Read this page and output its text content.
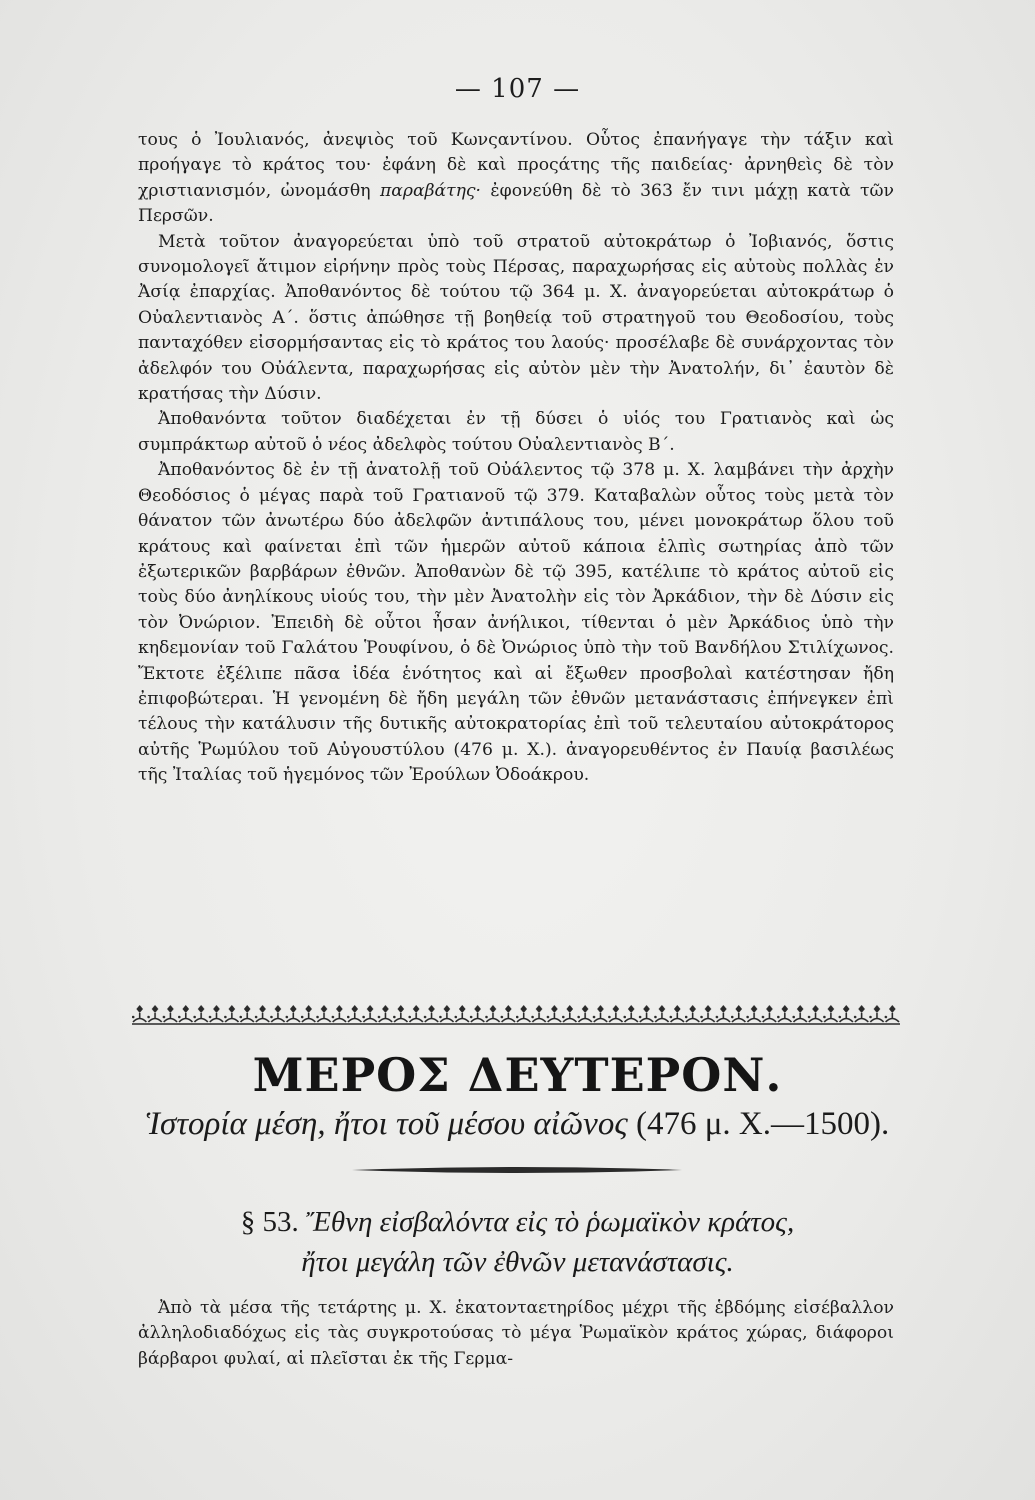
— 107 —

τους ὁ Ἰουλιανός, ἀνεψιὸς τοῦ Κωνςαντίνου. Οὗτος ἐπανήγαγε τὴν τάξιν καὶ προήγαγε τὸ κράτος του· ἐφάνη δὲ καὶ προςάτης τῆς παιδείας· ἀρνηθεὶς δὲ τὸν χριστιανισμόν, ὠνομάσθη παραβάτης· ἐφονεύθη δὲ τὸ 363 ἔν τινι μάχῃ κατὰ τῶν Περσῶν.

Μετὰ τοῦτον ἀναγορεύεται ὑπὸ τοῦ στρατοῦ αὐτοκράτωρ ὁ Ἰοβιανός, ὅστις συνομολογεῖ ἄτιμον εἰρήνην πρὸς τοὺς Πέρσας, παραχωρήσας εἰς αὐτοὺς πολλὰς ἐν Ἀσίᾳ ἐπαρχίας. Ἀποθανόντος δὲ τούτου τῷ 364 μ. Χ. ἀναγορεύεται αὐτοκράτωρ ὁ Οὐαλεντιανὸς Α΄. ὅστις ἀπώθησε τῇ βοηθείᾳ τοῦ στρατηγοῦ του Θεοδοσίου, τοὺς πανταχόθεν εἰσορμήσαντας εἰς τὸ κράτος του λαούς· προσέλαβε δὲ συνάρχοντας τὸν ἀδελφόν του Οὐάλεντα, παραχωρήσας εἰς αὐτὸν μὲν τὴν Ἀνατολήν, δι᾽ ἑαυτὸν δὲ κρατήσας τὴν Δύσιν.

Ἀποθανόντα τοῦτον διαδέχεται ἐν τῇ δύσει ὁ υἱός του Γρατιανὸς καὶ ὡς συμπράκτωρ αὐτοῦ ὁ νέος ἀδελφὸς τούτου Οὐαλεντιανὸς Β΄.

Ἀποθανόντος δὲ ἐν τῇ ἀνατολῇ τοῦ Οὐάλεντος τῷ 378 μ. Χ. λαμβάνει τὴν ἀρχὴν Θεοδόσιος ὁ μέγας παρὰ τοῦ Γρατιανοῦ τῷ 379. Καταβαλὼν οὗτος τοὺς μετὰ τὸν θάνατον τῶν ἀνωτέρω δύο ἀδελφῶν ἀντιπάλους του, μένει μονοκράτωρ ὅλου τοῦ κράτους καὶ φαίνεται ἐπὶ τῶν ἡμερῶν αὐτοῦ κάποια ἐλπὶς σωτηρίας ἀπὸ τῶν ἐξωτερικῶν βαρβάρων ἐθνῶν. Ἀποθανὼν δὲ τῷ 395, κατέλιπε τὸ κράτος αὐτοῦ εἰς τοὺς δύο ἀνηλίκους υἱούς του, τὴν μὲν Ἀνατολὴν εἰς τὸν Ἀρκάδιον, τὴν δὲ Δύσιν εἰς τὸν Ὀνώριον. Ἐπειδὴ δὲ οὗτοι ἦσαν ἀνήλικοι, τίθενται ὁ μὲν Ἀρκάδιος ὑπὸ τὴν κηδεμονίαν τοῦ Γαλάτου Ῥουφίνου, ὁ δὲ Ὀνώριος ὑπὸ τὴν τοῦ Βανδήλου Στιλίχωνος. Ἔκτοτε ἐξέλιπε πᾶσα ἰδέα ἑνότητος καὶ αἱ ἔξωθεν προσβολαὶ κατέστησαν ἤδη ἐπιφοβώτεραι. Ἡ γενομένη δὲ ἤδη μεγάλη τῶν ἐθνῶν μετανάστασις ἐπήνεγκεν ἐπὶ τέλους τὴν κατάλυσιν τῆς δυτικῆς αὐτοκρατορίας ἐπὶ τοῦ τελευταίου αὐτοκράτορος αὐτῆς Ῥωμύλου τοῦ Αὐγουστύλου (476 μ. Χ.). ἀναγορευθέντος ἐν Παυίᾳ βασιλέως τῆς Ἰταλίας τοῦ ἡγεμόνος τῶν Ἐρούλων Ὀδοάκρου.

ΜΕΡΟΣ ΔΕΥΤΕΡΟΝ.
Ἱστορία μέση, ἤτοι τοῦ μέσου αἰῶνος (476 μ. Χ.—1500).
§ 53. Ἔθνη εἰσβαλόντα εἰς τὸ ῥωμαϊκὸν κράτος,
ἤτοι μεγάλη τῶν ἐθνῶν μετανάστασις.

Ἀπὸ τὰ μέσα τῆς τετάρτης μ. Χ. ἑκατονταετηρίδος μέχρι τῆς ἑβδόμης εἰσέβαλλον ἀλληλοδιαδόχως εἰς τὰς συγκροτούσας τὸ μέγα Ῥωμαϊκὸν κράτος χώρας, διάφοροι βάρβαροι φυλαί, αἱ πλεῖσται ἐκ τῆς Γερμα-
